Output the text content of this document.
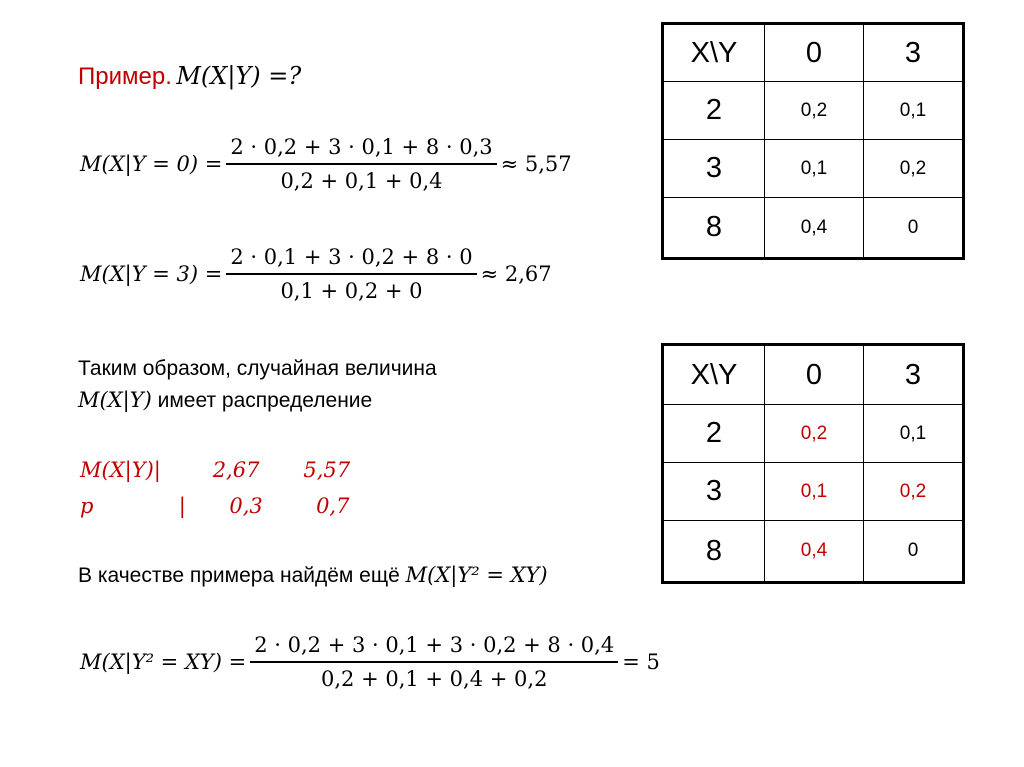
Пример. M(X|Y) =?
$M(X|Y = 0) = \frac{2 \cdot 0,2 + 3 \cdot 0,1 + 8 \cdot 0,3}{0,2 + 0,1 + 0,4} \approx 5,57$
$M(X|Y = 3) = \frac{2 \cdot 0,1 + 3 \cdot 0,2 + 8 \cdot 0}{0,1 + 0,2 + 0} \approx 2,67$
Таким образом, случайная величина
M(X|Y) имеет распределение
M(X|Y)| 2,67 5,57
p	| 0,3	0,7
В качестве примера найдём ещё M(X|Y² = XY)
$M(X|Y^2 = XY) = \frac{2 \cdot 0,2 + 3 \cdot 0,1 + 3 \cdot 0,2 + 8 \cdot 0,4}{0,2 + 0,1 + 0,4 + 0,2} = 5$
X\Y	0	3
2	0,2	0,1
3	0,1	0,2
8	0,4	0
X\Y	0	3
2	0,2	0,1
3	0,1	0,2
8	0,4	0
